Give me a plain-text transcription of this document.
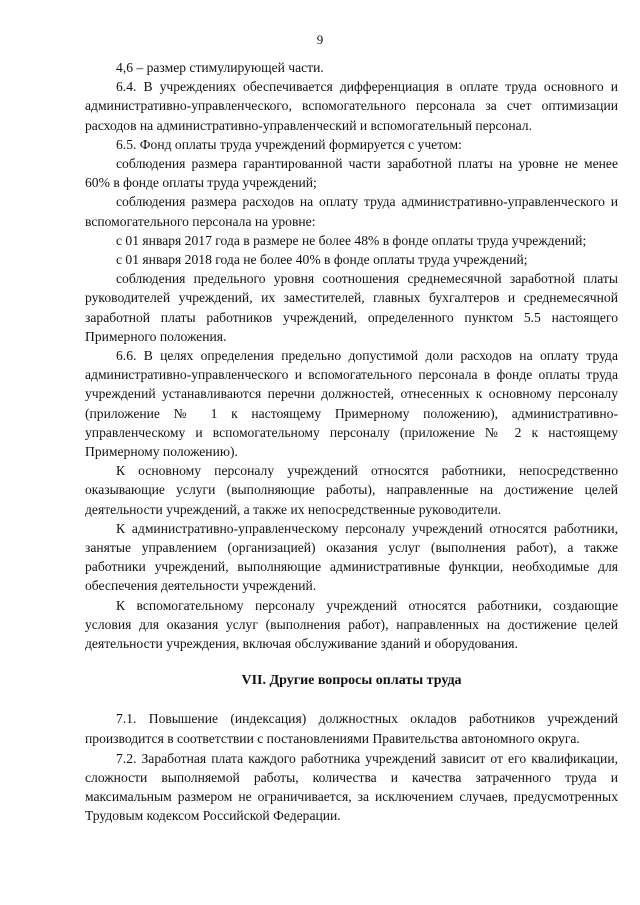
9

4,6 – размер стимулирующей части.

6.4. В учреждениях обеспечивается дифференциация в оплате труда основного и административно-управленческого, вспомогательного персонала за счет оптимизации расходов на административно-управленческий и вспомогательный персонал.

6.5. Фонд оплаты труда учреждений формируется с учетом:

соблюдения размера гарантированной части заработной платы на уровне не менее 60% в фонде оплаты труда учреждений;

соблюдения размера расходов на оплату труда административно-управленческого и вспомогательного персонала на уровне:

с 01 января 2017 года в размере не более 48% в фонде оплаты труда учреждений;

с 01 января 2018 года не более 40% в фонде оплаты труда учреждений;

соблюдения предельного уровня соотношения среднемесячной заработной платы руководителей учреждений, их заместителей, главных бухгалтеров и среднемесячной заработной платы работников учреждений, определенного пунктом 5.5 настоящего Примерного положения.

6.6. В целях определения предельно допустимой доли расходов на оплату труда административно-управленческого и вспомогательного персонала в фонде оплаты труда учреждений устанавливаются перечни должностей, отнесенных к основному персоналу (приложение № 1 к настоящему Примерному положению), административно-управленческому и вспомогательному персоналу (приложение № 2 к настоящему Примерному положению).

К основному персоналу учреждений относятся работники, непосредственно оказывающие услуги (выполняющие работы), направленные на достижение целей деятельности учреждений, а также их непосредственные руководители.

К административно-управленческому персоналу учреждений относятся работники, занятые управлением (организацией) оказания услуг (выполнения работ), а также работники учреждений, выполняющие административные функции, необходимые для обеспечения деятельности учреждений.

К вспомогательному персоналу учреждений относятся работники, создающие условия для оказания услуг (выполнения работ), направленных на достижение целей деятельности учреждения, включая обслуживание зданий и оборудования.

VII. Другие вопросы оплаты труда

7.1. Повышение (индексация) должностных окладов работников учреждений производится в соответствии с постановлениями Правительства автономного округа.

7.2. Заработная плата каждого работника учреждений зависит от его квалификации, сложности выполняемой работы, количества и качества затраченного труда и максимальным размером не ограничивается, за исключением случаев, предусмотренных Трудовым кодексом Российской Федерации.
